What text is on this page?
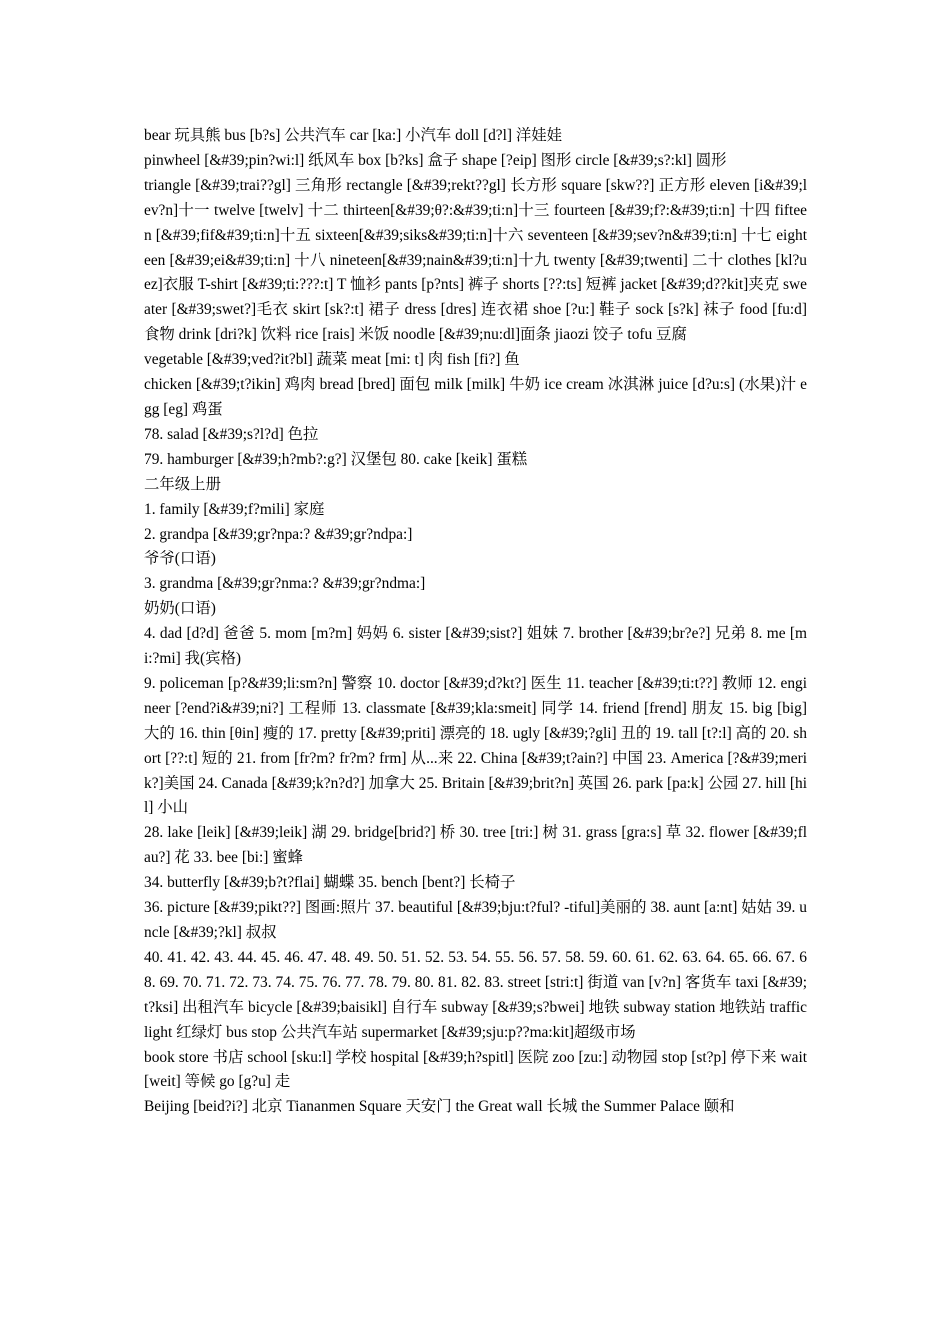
bear 玩具熊 bus [b?s] 公共汽车 car [ka:] 小汽车 doll [d?l] 洋娃娃

pinwheel [&#39;pin?wi:l] 纸风车 box [b?ks] 盒子 shape [?eip] 图形 circle [&#39;s?:kl] 圆形

triangle [&#39;trai??gl] 三角形 rectangle [&#39;rekt??gl] 长方形 square [skw??] 正方形 eleven [i&#39;lev?n]十一 twelve [twelv] 十二 thirteen[&#39;θ?:&#39;ti:n]十三 fourteen [&#39;f?:&#39;ti:n] 十四 fifteen [&#39;fif&#39;ti:n]十五 sixteen[&#39;siks&#39;ti:n]十六 seventeen [&#39;sev?n&#39;ti:n] 十七 eighteen [&#39;ei&#39;ti:n] 十八 nineteen[&#39;nain&#39;ti:n]十九 twenty [&#39;twenti] 二十 clothes [kl?uez]衣服 T-shirt [&#39;ti:???:t] T 恤衫 pants [p?nts] 裤子 shorts [??:ts] 短裤 jacket [&#39;d??kit]夹克 sweater [&#39;swet?]毛衣 skirt [sk?:t] 裙子 dress [dres] 连衣裙 shoe [?u:] 鞋子 sock [s?k] 袜子 food [fu:d] 食物 drink [dri?k] 饮料 rice [rais] 米饭 noodle [&#39;nu:dl]面条 jiaozi 饺子 tofu 豆腐

vegetable [&#39;ved?it?bl] 蔬菜 meat [mi: t] 肉 fish [fi?] 鱼

chicken [&#39;t?ikin] 鸡肉 bread [bred] 面包 milk [milk] 牛奶 ice cream 冰淇淋 juice [d?u:s] (水果)汁 egg [eg] 鸡蛋

78. salad [&#39;s?l?d] 色拉

79. hamburger [&#39;h?mb?:g?] 汉堡包 80. cake [keik] 蛋糕

二年级上册

1. family [&#39;f?mili] 家庭

2. grandpa [&#39;gr?npa:? &#39;gr?ndpa:]

爷爷(口语)

3. grandma [&#39;gr?nma:? &#39;gr?ndma:]

奶奶(口语)

4. dad [d?d] 爸爸 5. mom [m?m] 妈妈 6. sister [&#39;sist?] 姐妹 7. brother [&#39;br?e?] 兄弟 8. me [mi:?mi] 我(宾格)

9. policeman [p?&#39;li:sm?n] 警察 10. doctor [&#39;d?kt?] 医生 11. teacher [&#39;ti:t??] 教师 12. engineer [?end?i&#39;ni?] 工程师 13. classmate [&#39;kla:smeit] 同学 14. friend [frend] 朋友 15. big [big] 大的 16. thin [θin] 瘦的 17. pretty [&#39;priti] 漂亮的 18. ugly [&#39;?gli] 丑的 19. tall [t?:l] 高的 20. short [??:t] 短的 21. from [fr?m? fr?m? frm] 从...来 22. China [&#39;t?ain?] 中国 23. America [?&#39;merik?]美国 24. Canada [&#39;k?n?d?] 加拿大 25. Britain [&#39;brit?n] 英国 26. park [pa:k] 公园 27. hill [hil] 小山

28. lake [leik] [&#39;leik] 湖 29. bridge[brid?] 桥 30. tree [tri:] 树 31. grass [gra:s] 草 32. flower [&#39;flau?] 花 33. bee [bi:] 蜜蜂

34. butterfly [&#39;b?t?flai] 蝴蝶 35. bench [bent?] 长椅子

36. picture [&#39;pikt??] 图画:照片 37. beautiful [&#39;bju:t?ful? -tiful]美丽的 38. aunt [a:nt] 姑姑 39. uncle [&#39;?kl] 叔叔

40. 41. 42. 43. 44. 45. 46. 47. 48. 49. 50. 51. 52. 53. 54. 55. 56. 57. 58. 59. 60. 61. 62. 63. 64. 65. 66. 67. 68. 69. 70. 71. 72. 73. 74. 75. 76. 77. 78. 79. 80. 81. 82. 83. street [stri:t] 街道 van [v?n] 客货车 taxi [&#39;t?ksi] 出租汽车 bicycle [&#39;baisikl] 自行车 subway [&#39;s?bwei] 地铁 subway station 地铁站 traffic light 红绿灯 bus stop 公共汽车站 supermarket [&#39;sju:p??ma:kit]超级市场

book store 书店 school [sku:l] 学校 hospital [&#39;h?spitl] 医院 zoo [zu:] 动物园 stop [st?p] 停下来 wait [weit] 等候 go [g?u] 走

Beijing [beid?i?] 北京 Tiananmen Square 天安门 the Great wall 长城 the Summer Palace 颐和
